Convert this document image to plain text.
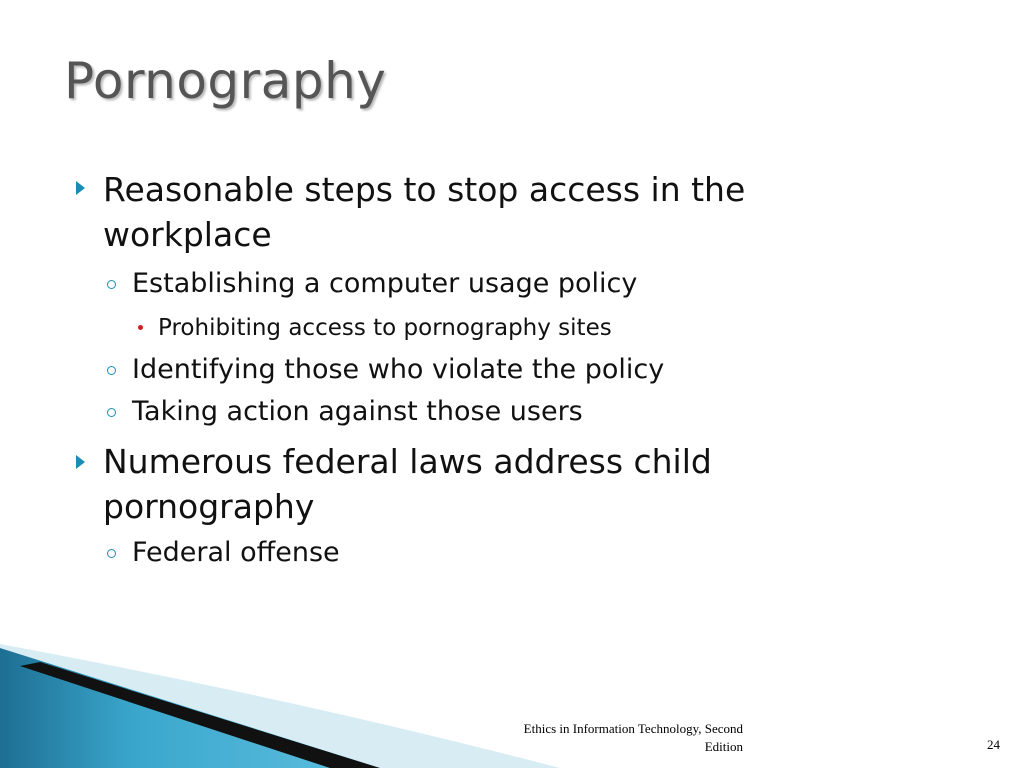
Pornography
Reasonable steps to stop access in the
workplace
Establishing a computer usage policy
Prohibiting access to pornography sites
Identifying those who violate the policy
Taking action against those users
Numerous federal laws address child
pornography
Federal offense
Ethics in Information Technology, Second
Edition	24
